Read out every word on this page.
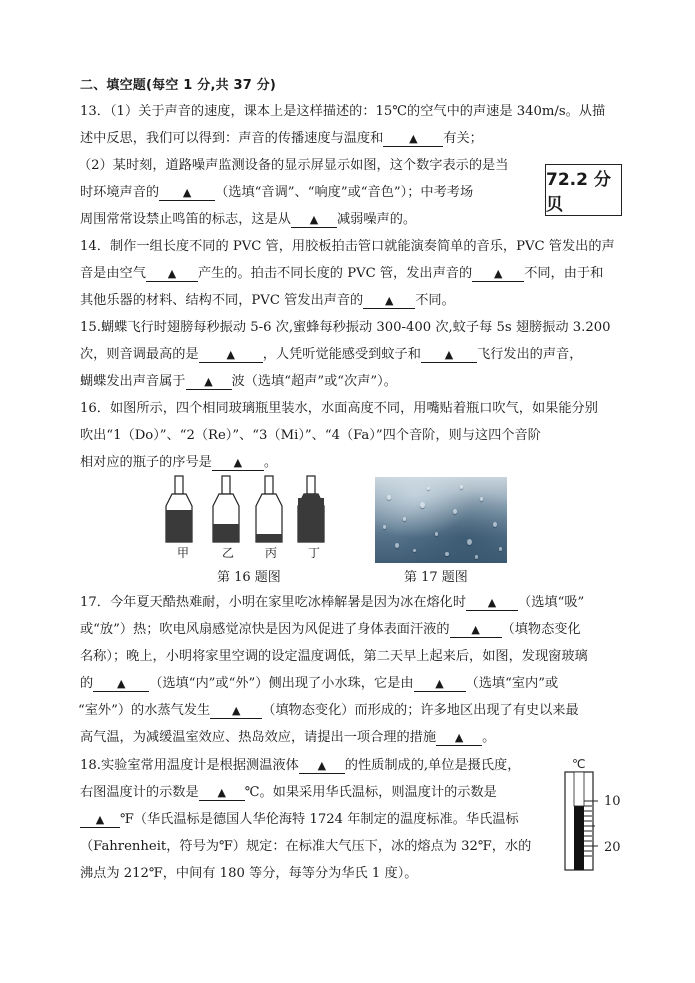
二、填空题(每空 1 分,共 37 分)
13．（1）关于声音的速度，课本上是这样描述的：15℃的空气中的声速是 340m/s。从描
述中反思，我们可以得到：声音的传播速度与温度和 ▲ 有关；
（2）某时刻，道路噪声监测设备的显示屏显示如图，这个数字表示的是当
时环境声音的 ▲ （选填“音调”、“响度”或“音色”）；中考考场
周围常常设禁止鸣笛的标志，这是从 ▲ 减弱噪声的。
72.2 分贝
14．制作一组长度不同的 PVC 管，用胶板拍击管口就能演奏简单的音乐，PVC 管发出的声
音是由空气 ▲ 产生的。拍击不同长度的 PVC 管，发出声音的 ▲ 不同，由于和
其他乐器的材料、结构不同，PVC 管发出声音的 ▲ 不同。
15.蝴蝶飞行时翅膀每秒振动 5-6 次,蜜蜂每秒振动 300-400 次,蚊子每 5s 翅膀振动 3.200
次，则音调最高的是	▲ ，人凭听觉能感受到蚊子和 ▲ 飞行发出的声音，
蝴蝶发出声音属于 ▲ 波（选填“超声”或“次声”）。
16．如图所示，四个相同玻璃瓶里装水，水面高度不同，用嘴贴着瓶口吹气，如果能分别
吹出“1（Do）”、“2（Re）”、“3（Mi）”、“4（Fa）”四个音阶，则与这四个音阶
相对应的瓶子的序号是 ▲ 。
甲	乙	丙	丁
第 16 题图	第 17 题图
17．今年夏天酷热难耐，小明在家里吃冰棒解暑是因为冰在熔化时 ▲ （选填“吸”
或“放”）热；吹电风扇感觉凉快是因为风促进了身体表面汗液的 ▲ （填物态变化
名称）；晚上，小明将家里空调的设定温度调低，第二天早上起来后，如图，发现窗玻璃
的 ▲ （选填“内”或“外”）侧出现了小水珠，它是由 ▲ （选填“室内”或
“室外”）的水蒸气发生 ▲ （填物态变化）而形成的；许多地区出现了有史以来最
高气温，为减缓温室效应、热岛效应，请提出一项合理的措施 ▲ 。
18.实验室常用温度计是根据测温液体 ▲ 的性质制成的,单位是摄氏度，
右图温度计的示数是 ▲ ℃。如果采用华氏温标，则温度计的示数是
▲ ℉（华氏温标是德国人华伦海特 1724 年制定的温度标准。华氏温标
（Fahrenheit，符号为℉）规定：在标准大气压下，冰的熔点为 32℉，水的
沸点为 212℉，中间有 180 等分，每等分为华氏 1 度）。
℃
10
20
